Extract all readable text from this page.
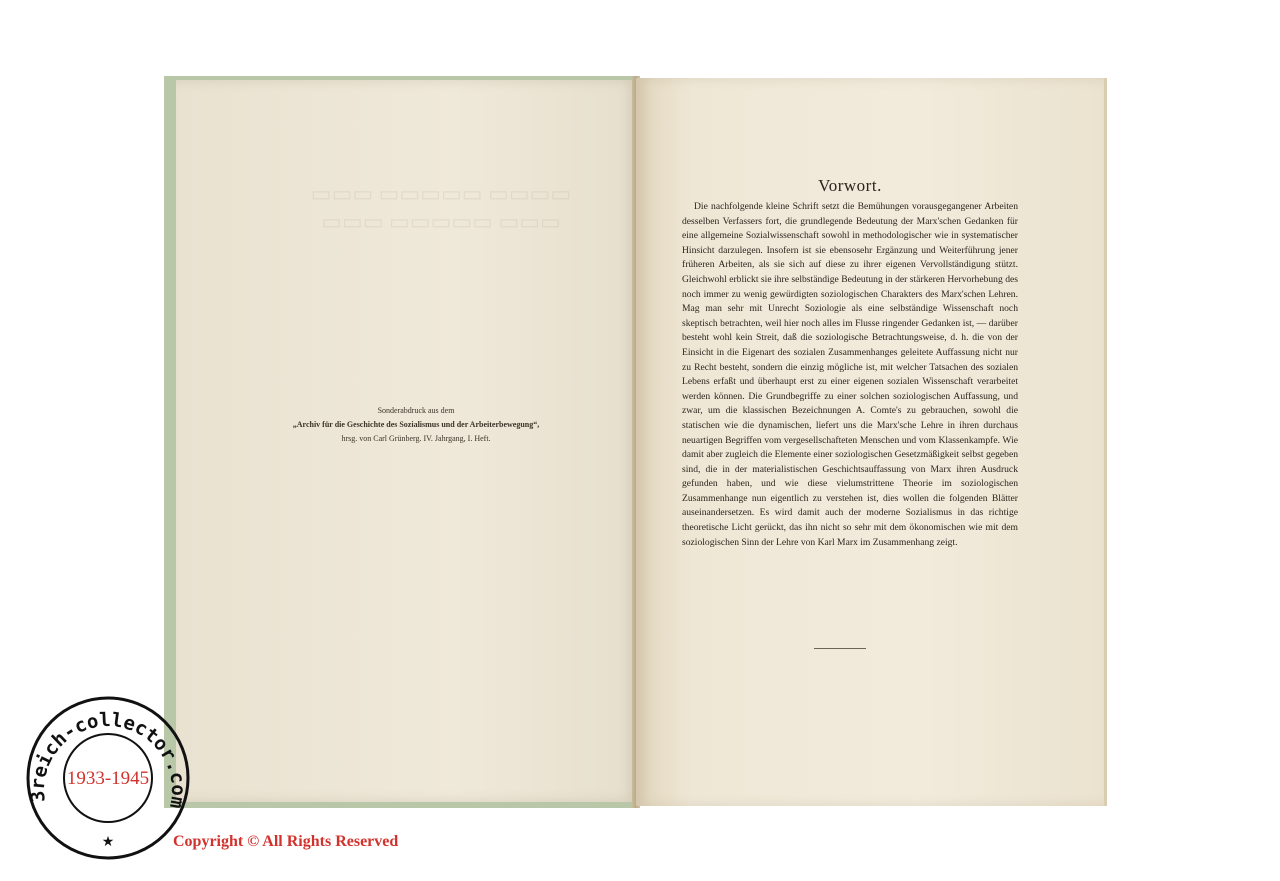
▭▭▭ ▭▭▭▭▭ ▭▭▭▭
▭▭▭ ▭▭▭▭▭ ▭▭▭
Sonderabdruck aus dem
„Archiv für die Geschichte des Sozialismus und der Arbeiterbewegung“,
hrsg. von Carl Grünberg. IV. Jahrgang, I. Heft.
Vorwort.
Die nachfolgende kleine Schrift setzt die Bemühungen vorausgegangener Arbeiten desselben Verfassers fort, die grundlegende Bedeutung der Marx'schen Gedanken für eine allgemeine Sozialwissenschaft sowohl in methodologischer wie in systematischer Hinsicht darzulegen. Insofern ist sie ebensosehr Ergänzung und Weiterführung jener früheren Arbeiten, als sie sich auf diese zu ihrer eigenen Vervollständigung stützt. Gleichwohl erblickt sie ihre selbständige Bedeutung in der stärkeren Hervorhebung des noch immer zu wenig gewürdigten soziologischen Charakters des Marx'schen Lehren. Mag man sehr mit Unrecht Soziologie als eine selbständige Wissenschaft noch skeptisch betrachten, weil hier noch alles im Flusse ringender Gedanken ist, — darüber besteht wohl kein Streit, daß die soziologische Betrachtungsweise, d. h. die von der Einsicht in die Eigenart des sozialen Zusammenhanges geleitete Auffassung nicht nur zu Recht besteht, sondern die einzig mögliche ist, mit welcher Tatsachen des sozialen Lebens erfaßt und überhaupt erst zu einer eigenen sozialen Wissenschaft verarbeitet werden können. Die Grundbegriffe zu einer solchen soziologischen Auffassung, und zwar, um die klassischen Bezeichnungen A. Comte's zu gebrauchen, sowohl die statischen wie die dynamischen, liefert uns die Marx'sche Lehre in ihren durchaus neuartigen Begriffen vom vergesellschafteten Menschen und vom Klassenkampfe. Wie damit aber zugleich die Elemente einer soziologischen Gesetzmäßigkeit selbst gegeben sind, die in der materialistischen Geschichtsauffassung von Marx ihren Ausdruck gefunden haben, und wie diese vielumstrittene Theorie im soziologischen Zusammenhange nun eigentlich zu verstehen ist, dies wollen die folgenden Blätter auseinandersetzen. Es wird damit auch der moderne Sozialismus in das richtige theoretische Licht gerückt, das ihn nicht so sehr mit dem ökonomischen wie mit dem soziologischen Sinn der Lehre von Karl Marx im Zusammenhang zeigt.
3reich-collector.com
1933-1945
★	Copyright © All Rights Reserved
